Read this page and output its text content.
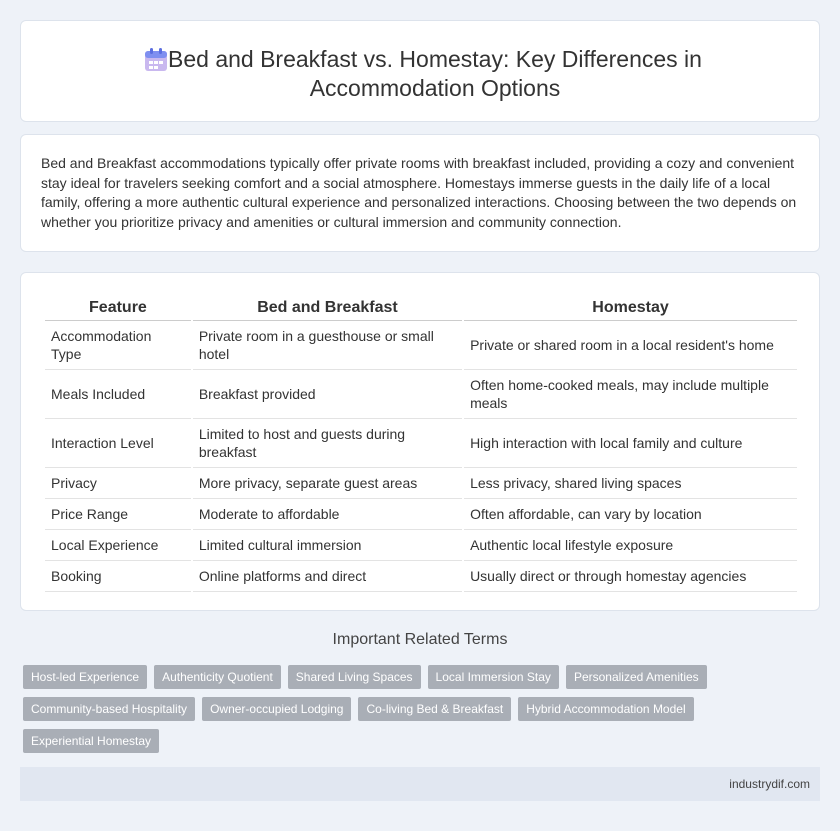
Bed and Breakfast vs. Homestay: Key Differences in Accommodation Options

Bed and Breakfast accommodations typically offer private rooms with breakfast included, providing a cozy and convenient stay ideal for travelers seeking comfort and a social atmosphere. Homestays immerse guests in the daily life of a local family, offering a more authentic cultural experience and personalized interactions. Choosing between the two depends on whether you prioritize privacy and amenities or cultural immersion and community connection.

Feature	Bed and Breakfast	Homestay
Accommodation Type	Private room in a guesthouse or small hotel	Private or shared room in a local resident's home
Meals Included	Breakfast provided	Often home-cooked meals, may include multiple meals
Interaction Level	Limited to host and guests during breakfast	High interaction with local family and culture
Privacy	More privacy, separate guest areas	Less privacy, shared living spaces
Price Range	Moderate to affordable	Often affordable, can vary by location
Local Experience	Limited cultural immersion	Authentic local lifestyle exposure
Booking	Online platforms and direct	Usually direct or through homestay agencies
Important Related Terms
Host-led Experience	Authenticity Quotient	Shared Living Spaces	Local Immersion Stay	Personalized Amenities
Community-based Hospitality	Owner-occupied Lodging	Co-living Bed & Breakfast	Hybrid Accommodation Model
Experiential Homestay
industrydif.com
